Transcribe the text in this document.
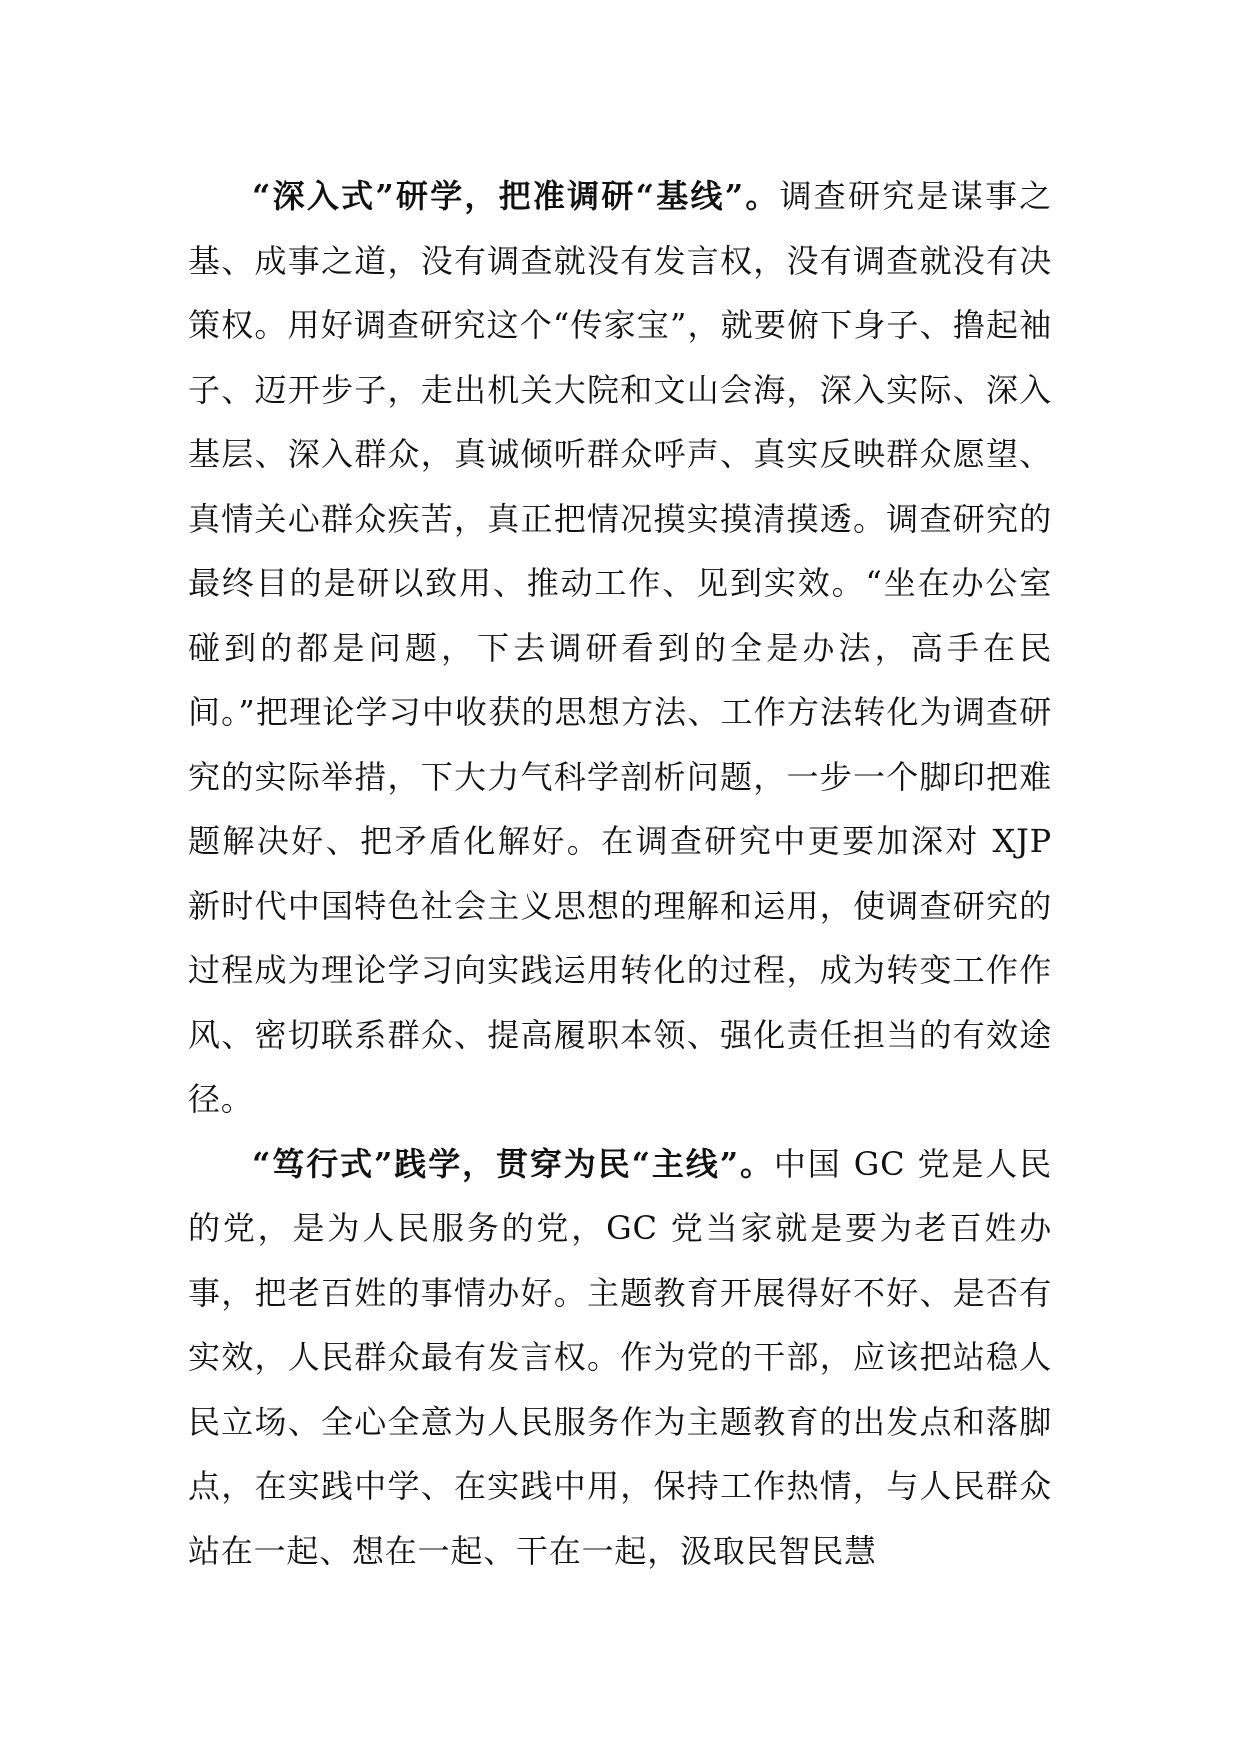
“深入式”研学，把准调研“基线”。调查研究是谋事之基、成事之道，没有调查就没有发言权，没有调查就没有决策权。用好调查研究这个“传家宝”，就要俯下身子、撸起袖子、迈开步子，走出机关大院和文山会海，深入实际、深入基层、深入群众，真诚倾听群众呼声、真实反映群众愿望、真情关心群众疾苦，真正把情况摸实摸清摸透。调查研究的最终目的是研以致用、推动工作、见到实效。“坐在办公室碰到的都是问题，下去调研看到的全是办法，高手在民间。”把理论学习中收获的思想方法、工作方法转化为调查研究的实际举措，下大力气科学剖析问题，一步一个脚印把难题解决好、把矛盾化解好。在调查研究中更要加深对 XJP 新时代中国特色社会主义思想的理解和运用，使调查研究的过程成为理论学习向实践运用转化的过程，成为转变工作作风、密切联系群众、提高履职本领、强化责任担当的有效途径。

“笃行式”践学，贯穿为民“主线”。中国 GC 党是人民的党，是为人民服务的党，GC 党当家就是要为老百姓办事，把老百姓的事情办好。主题教育开展得好不好、是否有实效，人民群众最有发言权。作为党的干部，应该把站稳人民立场、全心全意为人民服务作为主题教育的出发点和落脚点，在实践中学、在实践中用，保持工作热情，与人民群众站在一起、想在一起、干在一起，汲取民智民慧
